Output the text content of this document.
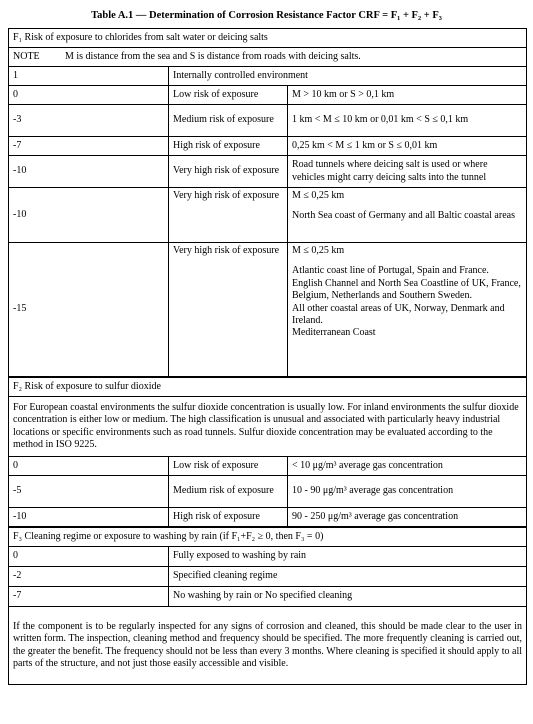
Table A.1 — Determination of Corrosion Resistance Factor CRF = F₁ + F₂ + F₃
F₁ Risk of exposure to chlorides from salt water or deicing salts		
NOTE M is distance from the sea and S is distance from roads with deicing salts.		
1	Internally controlled environment	
0	Low risk of exposure	M > 10 km or S > 0,1 km
-3	Medium risk of exposure	1 km < M ≤ 10 km or 0,01 km < S ≤ 0,1 km
-7	High risk of exposure	0,25 km < M ≤ 1 km or S ≤ 0,01 km
-10	Very high risk of exposure	Road tunnels where deicing salt is used or where vehicles might carry deicing salts into the tunnel
-10	Very high risk of exposure	M ≤ 0,25 km
North Sea coast of Germany and all Baltic coastal areas

-15	Very high risk of exposure	M ≤ 0,25 km
Atlantic coast line of Portugal, Spain and France.
English Channel and North Sea Coastline of UK, France, Belgium, Netherlands and Southern Sweden.
All other coastal areas of UK, Norway, Denmark and Ireland.
Mediterranean Coast

F₂ Risk of exposure to sulfur dioxide		
For European coastal environments the sulfur dioxide concentration is usually low. For inland environments the sulfur dioxide concentration is either low or medium. The high classification is unusual and associated with particularly heavy industrial locations or specific environments such as road tunnels. Sulfur dioxide concentration may be evaluated according to the method in ISO 9225.		
0	Low risk of exposure	< 10 μg/m³ average gas concentration
-5	Medium risk of exposure	10 - 90 μg/m³ average gas concentration
-10	High risk of exposure	90 - 250 μg/m³ average gas concentration
F₃ Cleaning regime or exposure to washing by rain (if F₁+F₂ ≥ 0, then F₃ = 0)		
0	Fully exposed to washing by rain	
-2	Specified cleaning regime	
-7	No washing by rain or No specified cleaning	
If the component is to be regularly inspected for any signs of corrosion and cleaned, this should be made clear to the user in written form. The inspection, cleaning method and frequency should be specified. The more frequently cleaning is carried out, the greater the benefit. The frequency should not be less than every 3 months. Where cleaning is specified it should apply to all parts of the structure, and not just those easily accessible and visible.		
